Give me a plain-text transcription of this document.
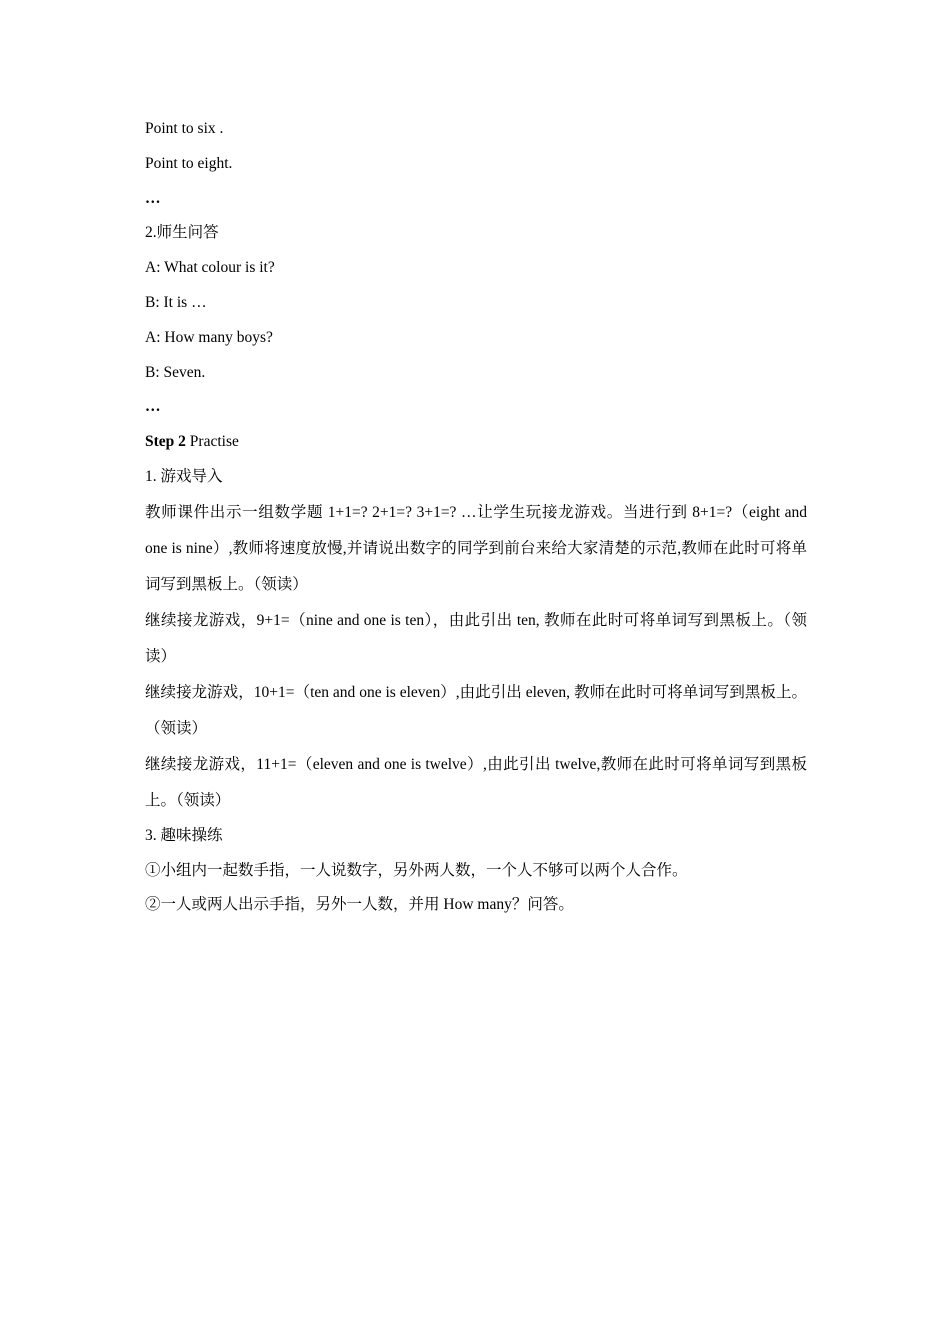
Point to six .
Point to eight.
…
2.师生问答
A: What colour is it?
B: It is …
A: How many boys?
B: Seven.
…
Step 2 Practise
1. 游戏导入
教师课件出示一组数学题 1+1=? 2+1=? 3+1=? …让学生玩接龙游戏。当进行到 8+1=?（eight and one is nine）,教师将速度放慢,并请说出数字的同学到前台来给大家清楚的示范,教师在此时可将单词写到黑板上。（领读）
继续接龙游戏，9+1=（nine and one is ten），由此引出 ten, 教师在此时可将单词写到黑板上。（领读）
继续接龙游戏，10+1=（ten and one is eleven）,由此引出 eleven, 教师在此时可将单词写到黑板上。（领读）
继续接龙游戏，11+1=（eleven and one is twelve）,由此引出 twelve,教师在此时可将单词写到黑板上。（领读）
3. 趣味操练
①小组内一起数手指，一人说数字，另外两人数，一个人不够可以两个人合作。
②一人或两人出示手指，另外一人数，并用 How many？问答。
